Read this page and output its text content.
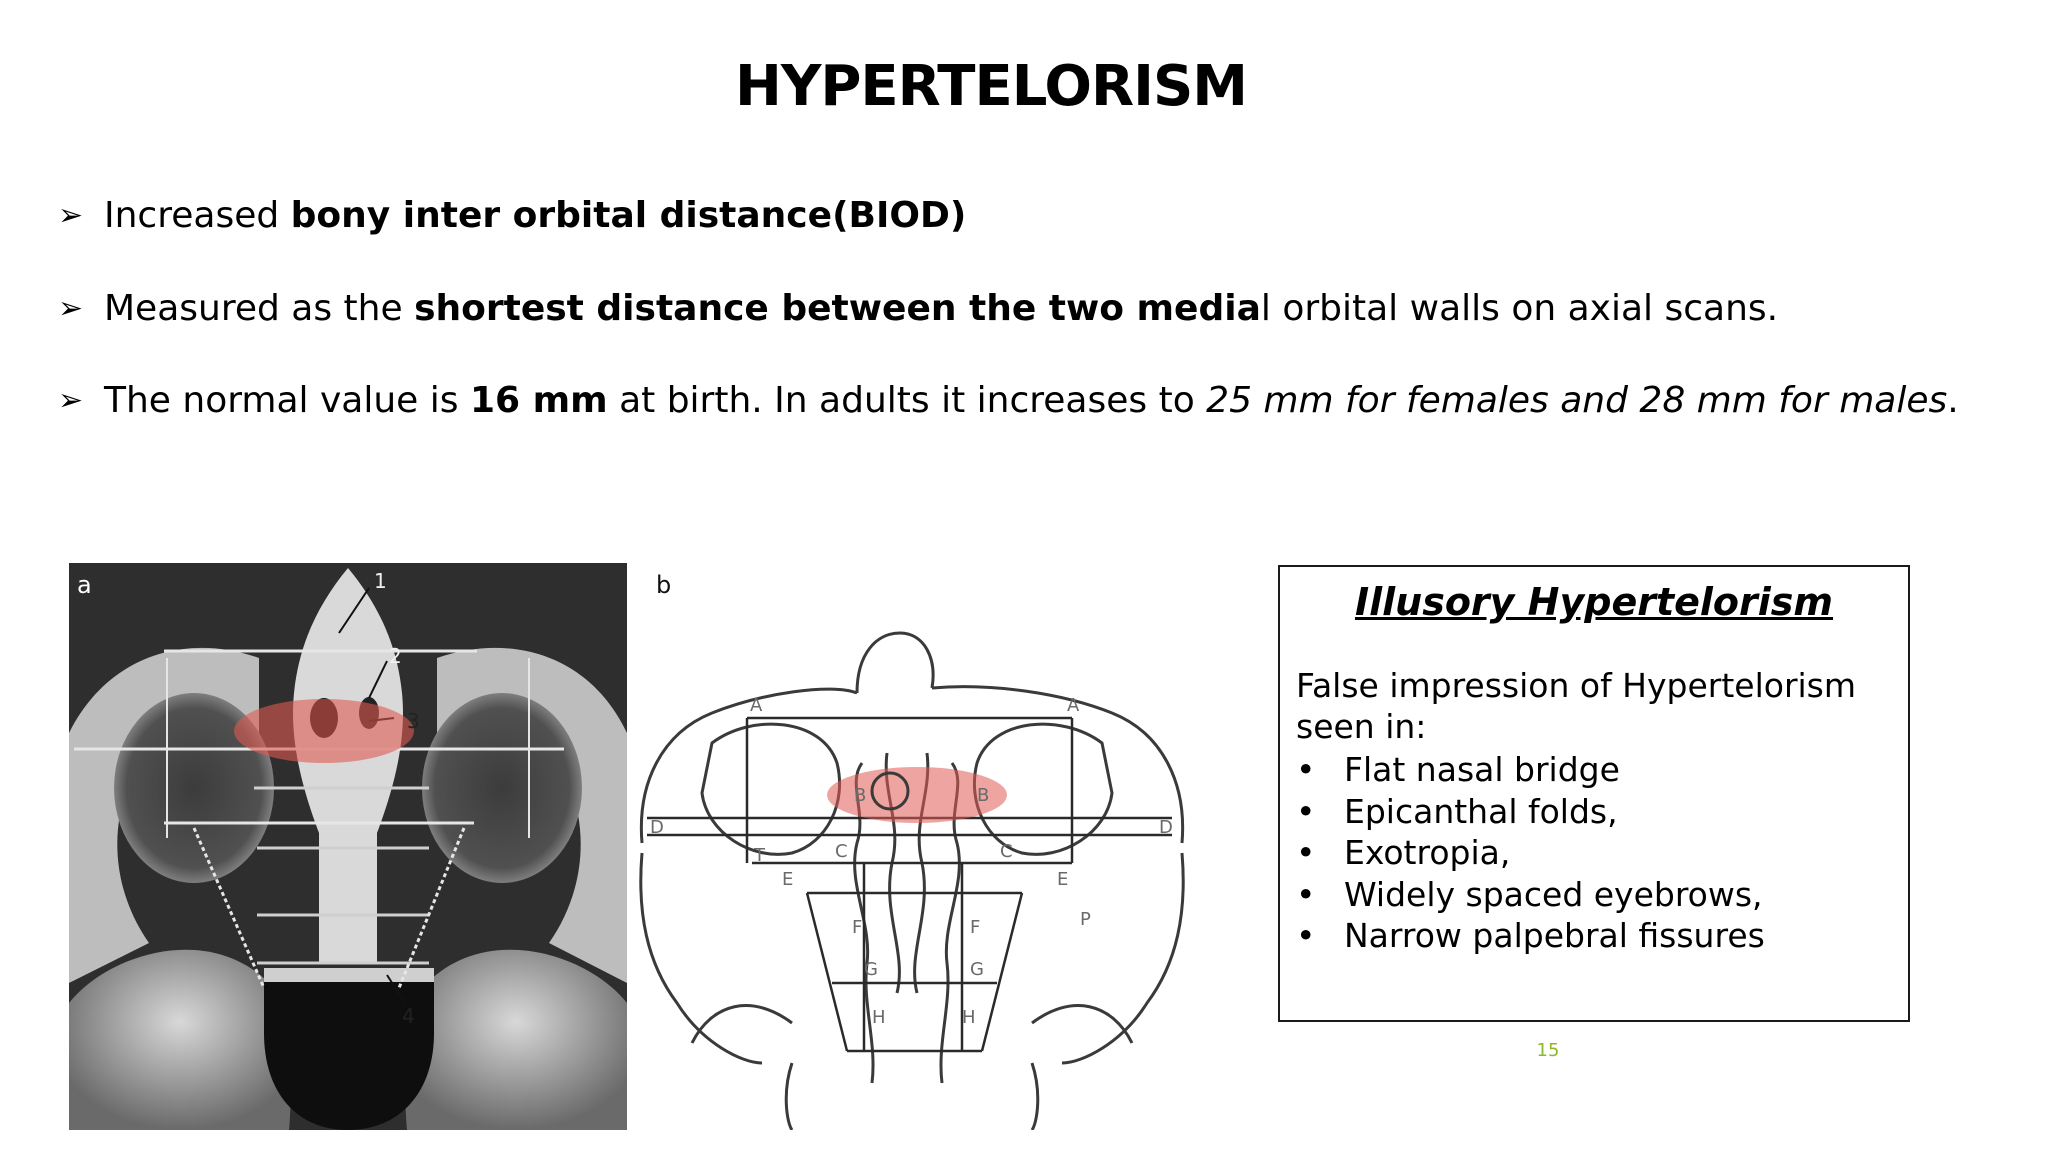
HYPERTELORISM
➢ Increased bony inter orbital distance(BIOD)
➢ Measured as the shortest distance between the two medial orbital walls on axial scans.
➢ The normal value is 16 mm at birth. In adults it increases to 25 mm for females and 28 mm for males.
1
2
3
4
a
A	A
B	B
D	D
T
E
C	C
E
F	F
G	G
H	H
P
b	Illusory Hypertelorism
False impression of Hypertelorism seen in:
• Flat nasal bridge
• Epicanthal folds,
• Exotropia,
• Widely spaced eyebrows,
• Narrow palpebral fissures
15
